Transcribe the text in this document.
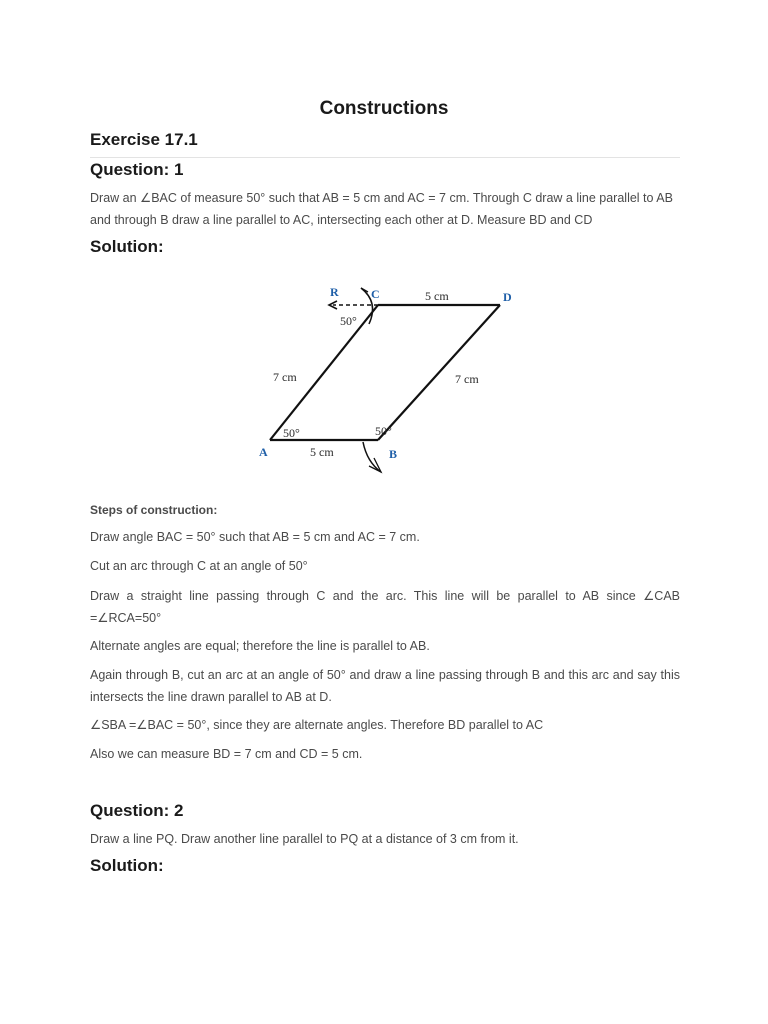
Constructions
Exercise 17.1
Question: 1
Draw an ∠BAC of measure 50° such that AB = 5 cm and AC = 7 cm. Through C draw a line parallel to AB and through B draw a line parallel to AC, intersecting each other at D. Measure BD and CD
Solution:
A	B
C	D
R	5 cm
5 cm
7 cm	7 cm
50°	50°
50°
Steps of construction:
Draw angle BAC = 50° such that AB = 5 cm and AC = 7 cm.
Cut an arc through C at an angle of 50°
Draw a straight line passing through C and the arc. This line will be parallel to AB since ∠CAB =∠RCA=50°
Alternate angles are equal; therefore the line is parallel to AB.
Again through B, cut an arc at an angle of 50° and draw a line passing through B and this arc and say this intersects the line drawn parallel to AB at D.
∠SBA =∠BAC = 50°, since they are alternate angles. Therefore BD parallel to AC
Also we can measure BD = 7 cm and CD = 5 cm.
Question: 2
Draw a line PQ. Draw another line parallel to PQ at a distance of 3 cm from it.
Solution:
